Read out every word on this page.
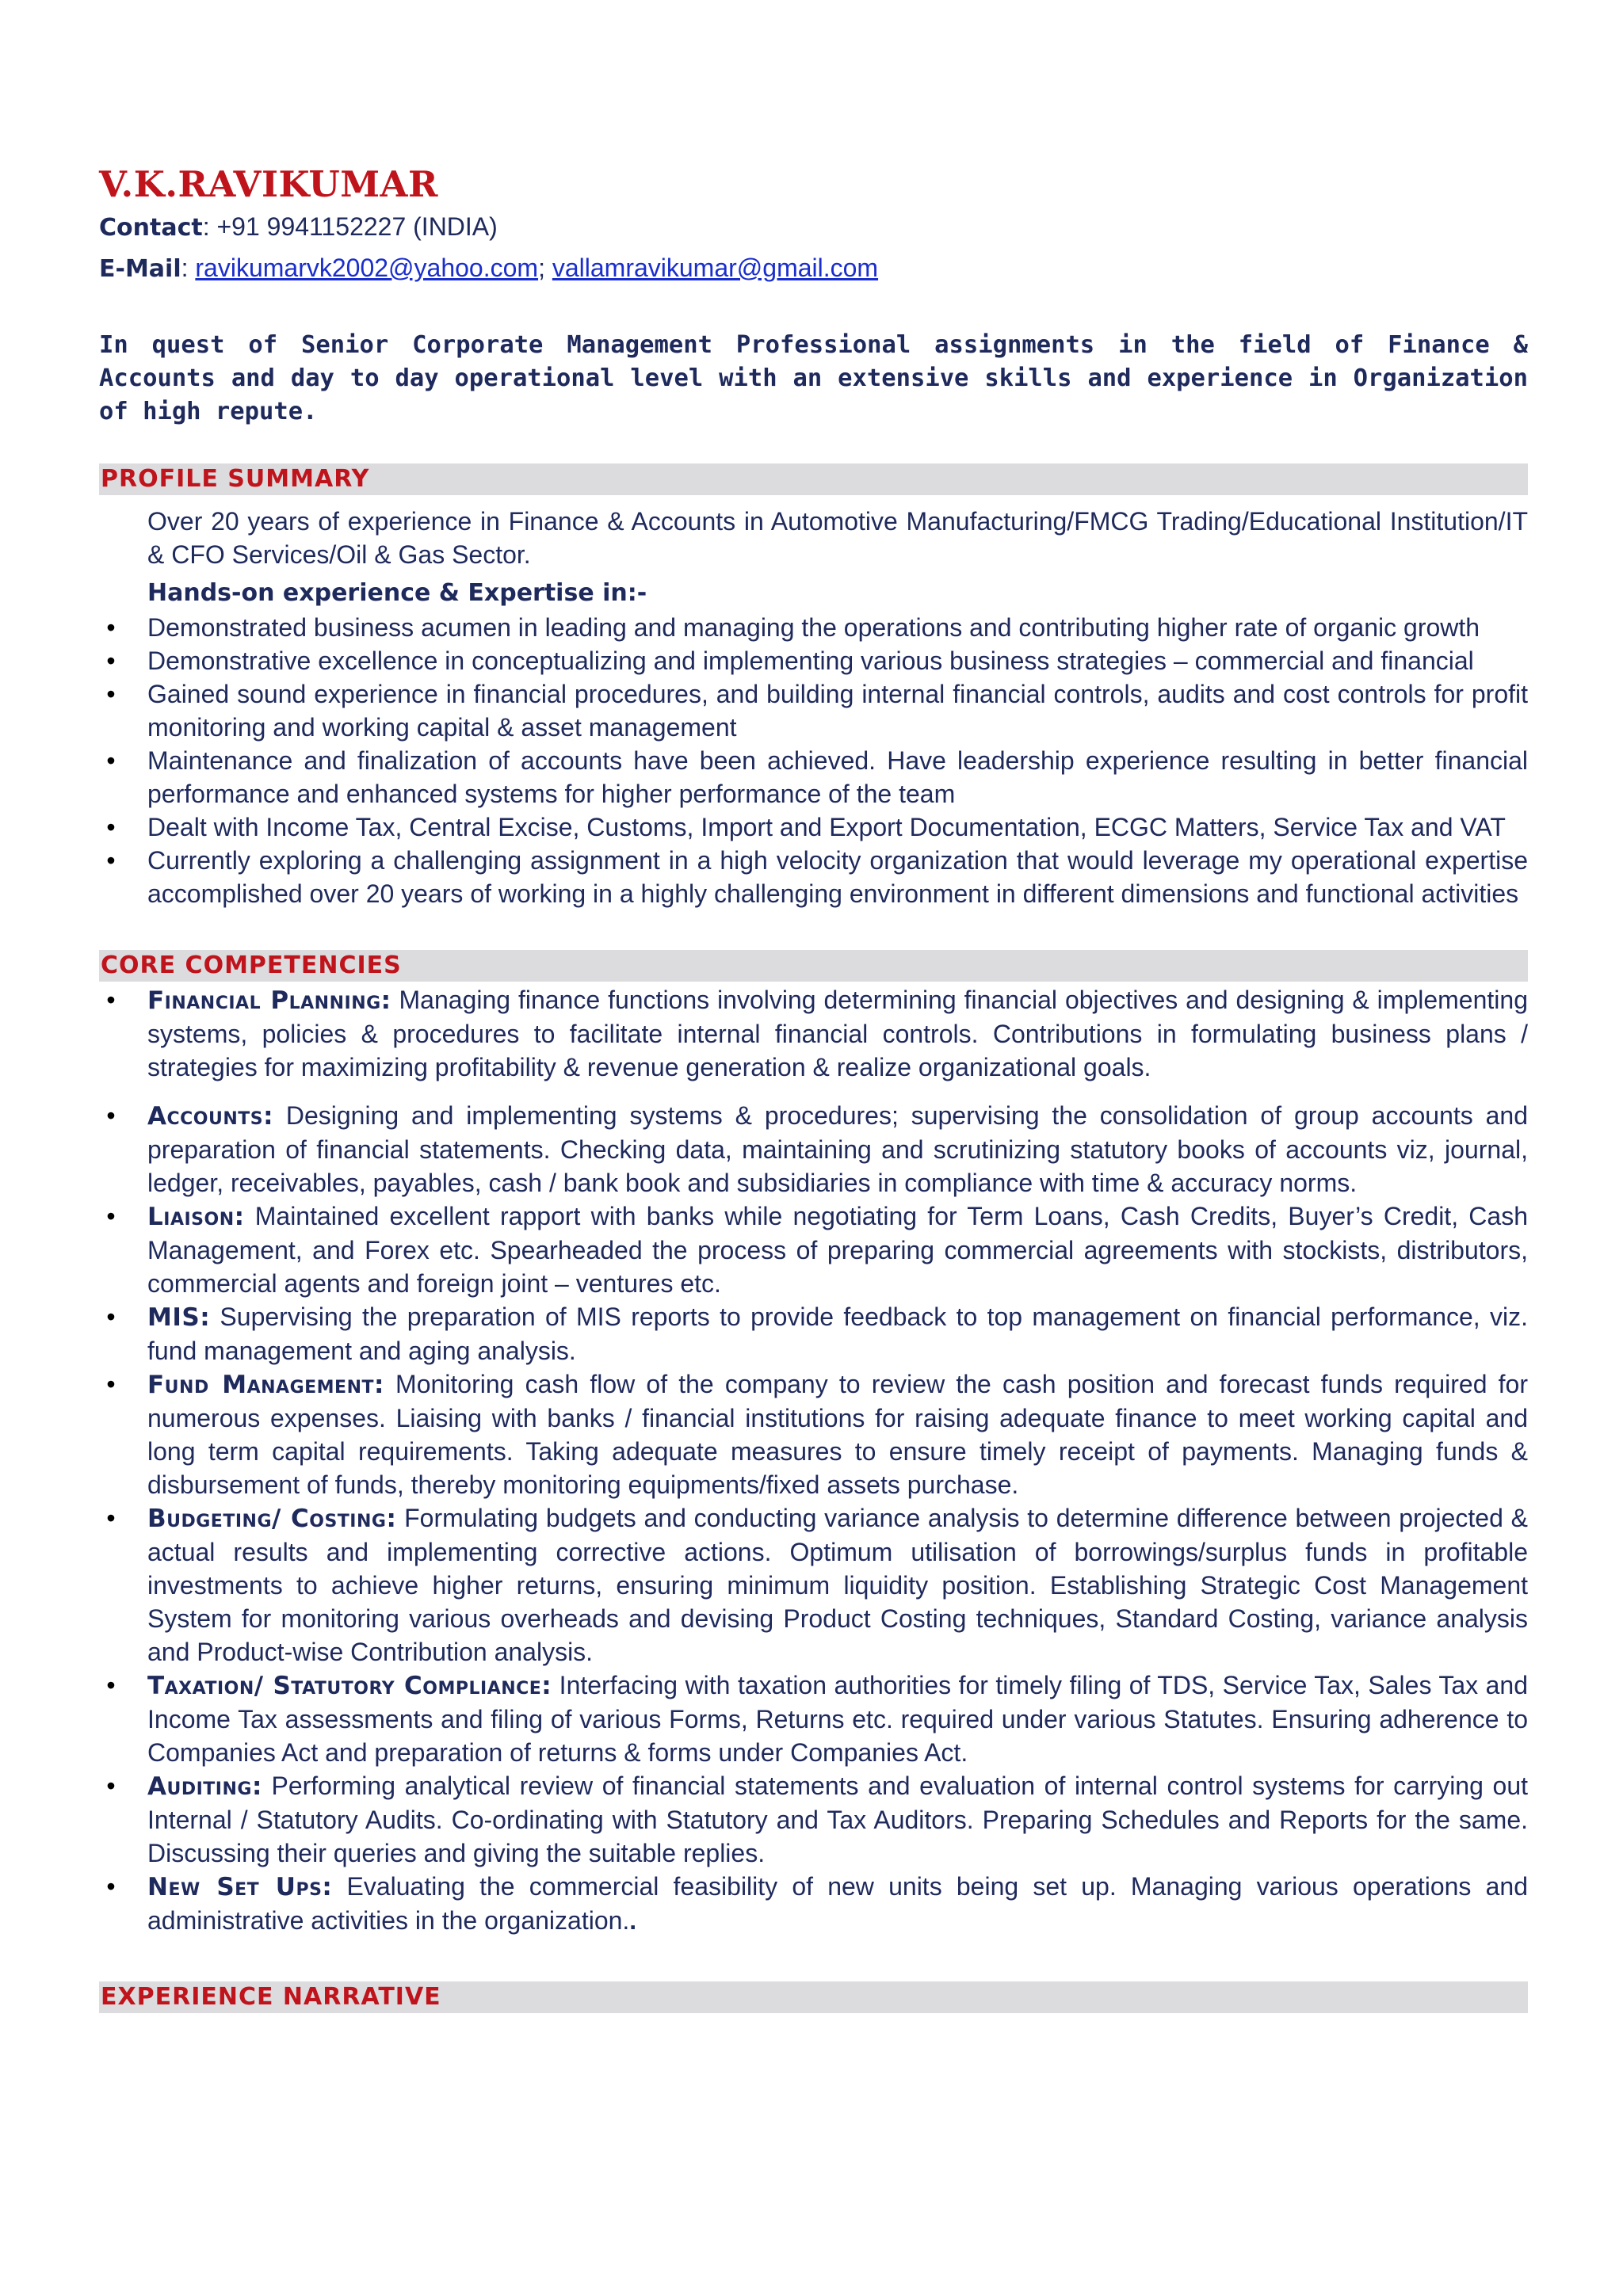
V.K.RAVIKUMAR
Contact: +91 9941152227 (INDIA)
E-Mail: ravikumarvk2002@yahoo.com; vallamravikumar@gmail.com
In quest of Senior Corporate Management Professional assignments in the field of Finance & Accounts and day to day operational level with an extensive skills and experience in Organization of high repute.
PROFILE SUMMARY
Over 20 years of experience in Finance & Accounts in Automotive Manufacturing/FMCG Trading/Educational Institution/IT & CFO Services/Oil & Gas Sector.
Hands-on experience & Expertise in:-
• Demonstrated business acumen in leading and managing the operations and contributing higher rate of organic growth
• Demonstrative excellence in conceptualizing and implementing various business strategies – commercial and financial
• Gained sound experience in financial procedures, and building internal financial controls, audits and cost controls for profit monitoring and working capital & asset management
• Maintenance and finalization of accounts have been achieved. Have leadership experience resulting in better financial performance and enhanced systems for higher performance of the team
• Dealt with Income Tax, Central Excise, Customs, Import and Export Documentation, ECGC Matters, Service Tax and VAT
• Currently exploring a challenging assignment in a high velocity organization that would leverage my operational expertise accomplished over 20 years of working in a highly challenging environment in different dimensions and functional activities
CORE COMPETENCIES
•	Financial Planning: Managing finance functions involving determining financial objectives and designing & implementing systems, policies & procedures to facilitate internal financial controls. Contributions in formulating business plans / strategies for maximizing profitability & revenue generation & realize organizational goals.
•	Accounts: Designing and implementing systems & procedures; supervising the consolidation of group accounts and preparation of financial statements. Checking data, maintaining and scrutinizing statutory books of accounts viz, journal, ledger, receivables, payables, cash / bank book and subsidiaries in compliance with time & accuracy norms.
•	Liaison: Maintained excellent rapport with banks while negotiating for Term Loans, Cash Credits, Buyer’s Credit, Cash Management, and Forex etc. Spearheaded the process of preparing commercial agreements with stockists, distributors, commercial agents and foreign joint – ventures etc.
•	MIS: Supervising the preparation of MIS reports to provide feedback to top management on financial performance, viz. fund management and aging analysis.
•	Fund Management: Monitoring cash flow of the company to review the cash position and forecast funds required for numerous expenses. Liaising with banks / financial institutions for raising adequate finance to meet working capital and long term capital requirements. Taking adequate measures to ensure timely receipt of payments. Managing funds & disbursement of funds, thereby monitoring equipments/fixed assets purchase.
•	Budgeting/ Costing: Formulating budgets and conducting variance analysis to determine difference between projected & actual results and implementing corrective actions. Optimum utilisation of borrowings/surplus funds in profitable investments to achieve higher returns, ensuring minimum liquidity position. Establishing Strategic Cost Management System for monitoring various overheads and devising Product Costing techniques, Standard Costing, variance analysis and Product-wise Contribution analysis.
•	Taxation/ Statutory Compliance: Interfacing with taxation authorities for timely filing of TDS, Service Tax, Sales Tax and Income Tax assessments and filing of various Forms, Returns etc. required under various Statutes. Ensuring adherence to Companies Act and preparation of returns & forms under Companies Act.
•	Auditing: Performing analytical review of financial statements and evaluation of internal control systems for carrying out Internal / Statutory Audits. Co-ordinating with Statutory and Tax Auditors. Preparing Schedules and Reports for the same. Discussing their queries and giving the suitable replies.
•	New Set Ups: Evaluating the commercial feasibility of new units being set up. Managing various operations and administrative activities in the organization..
EXPERIENCE NARRATIVE
